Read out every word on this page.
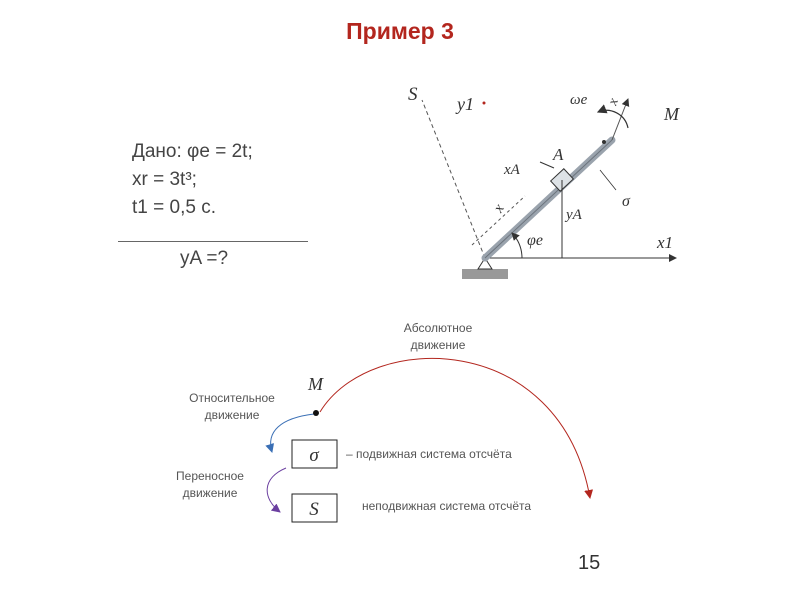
Пример 3
Дано: φe = 2t;
xr = 3t³;
t1 = 0,5 с.
yA =?
S y1	ωe x
M
A
xA
σ
x	yA
φe	x1
M
Абсолютное
движение
Относительное
движение
Переносное
движение
σ – подвижная система отсчёта
S	неподвижная система отсчёта
15
